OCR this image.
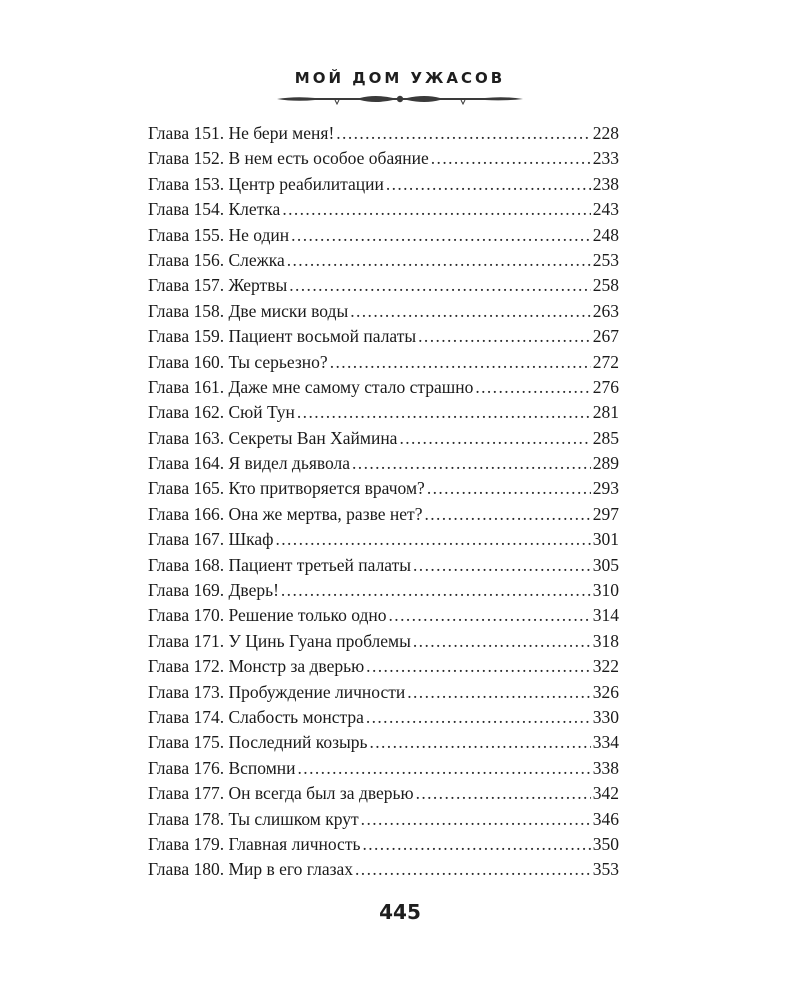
МОЙ ДОМ УЖАСОВ
Глава 151. Не бери меня! .....	228
Глава 152. В нем есть особое обаяние .....	233
Глава 153. Центр реабилитации .....	238
Глава 154. Клетка .....	243
Глава 155. Не один .....	248
Глава 156. Слежка .....	253
Глава 157. Жертвы .....	258
Глава 158. Две миски воды .....	263
Глава 159. Пациент восьмой палаты .....	267
Глава 160. Ты серьезно? .....	272
Глава 161. Даже мне самому стало страшно .....	276
Глава 162. Сюй Тун .....	281
Глава 163. Секреты Ван Хаймина .....	285
Глава 164. Я видел дьявола .....	289
Глава 165. Кто притворяется врачом? .....	293
Глава 166. Она же мертва, разве нет? .....	297
Глава 167. Шкаф .....	301
Глава 168. Пациент третьей палаты .....	305
Глава 169. Дверь! .....	310
Глава 170. Решение только одно .....	314
Глава 171. У Цинь Гуана проблемы .....	318
Глава 172. Монстр за дверью .....	322
Глава 173. Пробуждение личности .....	326
Глава 174. Слабость монстра .....	330
Глава 175. Последний козырь .....	334
Глава 176. Вспомни .....	338
Глава 177. Он всегда был за дверью .....	342
Глава 178. Ты слишком крут .....	346
Глава 179. Главная личность .....	350
Глава 180. Мир в его глазах .....	353
445
